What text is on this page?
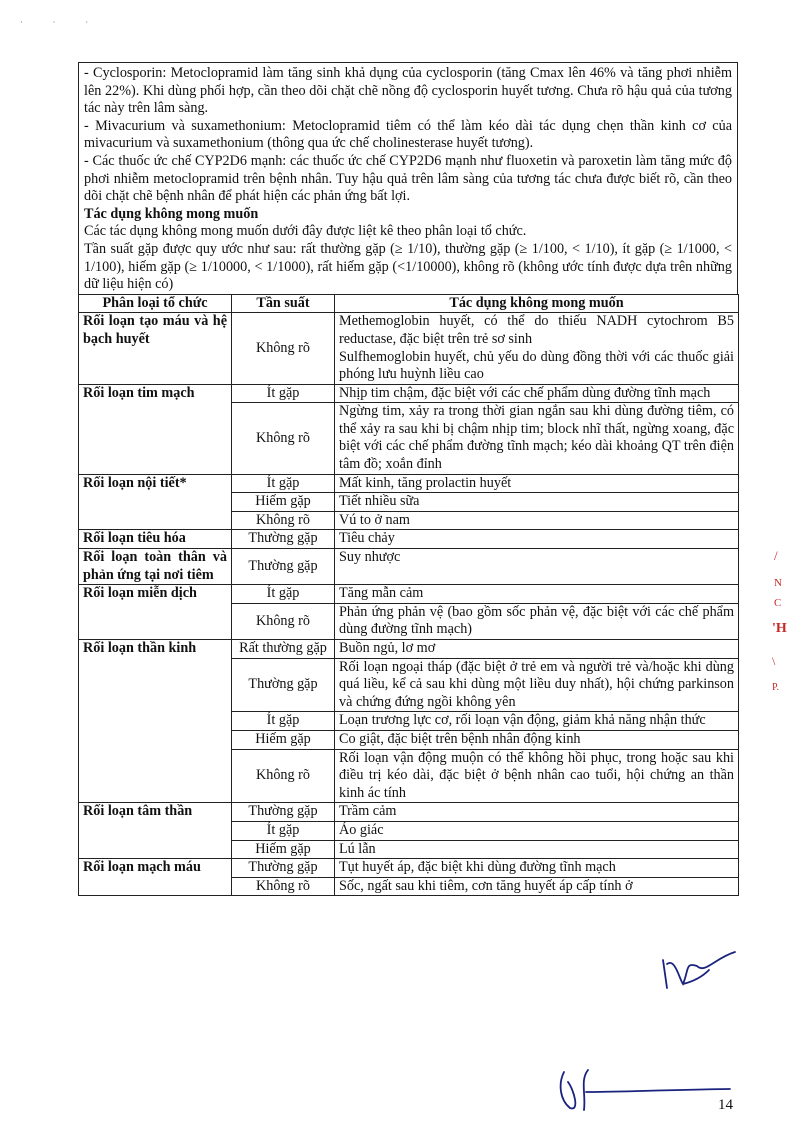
· · ·

- Cyclosporin: Metoclopramid làm tăng sinh khả dụng của cyclosporin (tăng Cmax lên 46% và tăng phơi nhiễm lên 22%). Khi dùng phối hợp, cần theo dõi chặt chẽ nồng độ cyclosporin huyết tương. Chưa rõ hậu quả của tương tác này trên lâm sàng.

- Mivacurium và suxamethonium: Metoclopramid tiêm có thể làm kéo dài tác dụng chẹn thần kinh cơ của mivacurium và suxamethonium (thông qua ức chế cholinesterase huyết tương).

- Các thuốc ức chế CYP2D6 mạnh: các thuốc ức chế CYP2D6 mạnh như fluoxetin và paroxetin làm tăng mức độ phơi nhiễm metoclopramid trên bệnh nhân. Tuy hậu quả trên lâm sàng của tương tác chưa được biết rõ, cần theo dõi chặt chẽ bệnh nhân để phát hiện các phản ứng bất lợi.

Tác dụng không mong muốn

Các tác dụng không mong muốn dưới đây được liệt kê theo phân loại tổ chức.

Tần suất gặp được quy ước như sau: rất thường gặp (≥ 1/10), thường gặp (≥ 1/100, < 1/10), ít gặp (≥ 1/1000, < 1/100), hiếm gặp (≥ 1/10000, < 1/1000), rất hiếm gặp (<1/10000), không rõ (không ước tính được dựa trên những dữ liệu hiện có)

Phân loại tổ chức	Tần suất	Tác dụng không mong muốn
Rối loạn tạo máu và hệ bạch huyết	Không rõ	Methemoglobin huyết, có thể do thiếu NADH cytochrom B5 reductase, đặc biệt trên trẻ sơ sinh
Sulfhemoglobin huyết, chủ yếu do dùng đồng thời với các thuốc giải phóng lưu huỳnh liều cao

Rối loạn tim mạch	Ít gặp	Nhịp tim chậm, đặc biệt với các chế phẩm dùng đường tĩnh mạch

	Không rõ	Ngừng tim, xảy ra trong thời gian ngắn sau khi dùng đường tiêm, có thể xảy ra sau khi bị chậm nhịp tim; block nhĩ thất, ngừng xoang, đặc biệt với các chế phẩm đường tĩnh mạch; kéo dài khoảng QT trên điện tâm đồ; xoắn đỉnh

Rối loạn nội tiết*	Ít gặp	Mất kinh, tăng prolactin huyết

	Hiếm gặp	Tiết nhiều sữa

	Không rõ	Vú to ở nam

Rối loạn tiêu hóa	Thường gặp	Tiêu chảy

Rối loạn toàn thân và phản ứng tại nơi tiêm	Thường gặp	Suy nhược

Rối loạn miễn dịch	Ít gặp	Tăng mẫn cảm

	Không rõ	Phản ứng phản vệ (bao gồm sốc phản vệ, đặc biệt với các chế phẩm dùng đường tĩnh mạch)

Rối loạn thần kinh	Rất thường gặp	Buồn ngủ, lơ mơ

	Thường gặp	Rối loạn ngoại tháp (đặc biệt ở trẻ em và người trẻ và/hoặc khi dùng quá liều, kể cả sau khi dùng một liều duy nhất), hội chứng parkinson và chứng đứng ngồi không yên

	Ít gặp	Loạn trương lực cơ, rối loạn vận động, giảm khả năng nhận thức

	Hiếm gặp	Co giật, đặc biệt trên bệnh nhân động kinh

	Không rõ	Rối loạn vận động muộn có thể không hồi phục, trong hoặc sau khi điều trị kéo dài, đặc biệt ở bệnh nhân cao tuổi, hội chứng an thần kinh ác tính

Rối loạn tâm thần	Thường gặp	Trầm cảm

	Ít gặp	Ảo giác

	Hiếm gặp	Lú lẫn

Rối loạn mạch máu	Thường gặp	Tụt huyết áp, đặc biệt khi dùng đường tĩnh mạch

	Không rõ	Sốc, ngất sau khi tiêm, cơn tăng huyết áp cấp tính ở
14
/
N
C
'H
\
P.
